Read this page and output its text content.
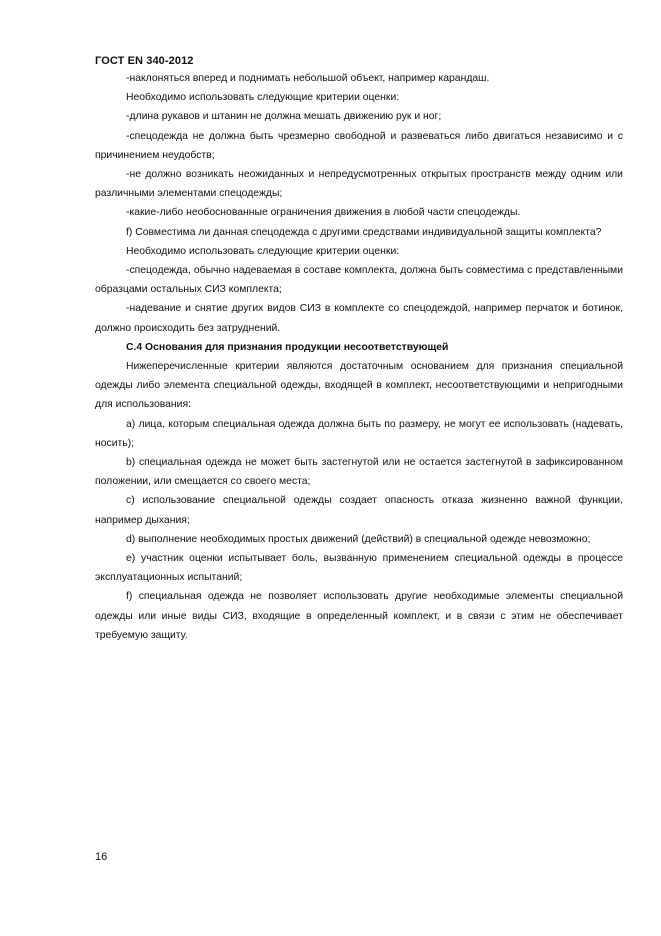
ГОСТ EN 340-2012

-наклоняться вперед и поднимать небольшой объект, например карандаш.

Необходимо использовать следующие критерии оценки:

-длина рукавов и штанин не должна мешать движению рук и ног;

-спецодежда не должна быть чрезмерно свободной и развеваться либо двигаться независимо и с причинением неудобств;

-не должно возникать неожиданных и непредусмотренных открытых пространств между одним или различными элементами спецодежды;

-какие-либо необоснованные ограничения движения в любой части спецодежды.

f) Совместима ли данная спецодежда с другими средствами индивидуальной защиты комплекта?

Необходимо использовать следующие критерии оценки:

-спецодежда, обычно надеваемая в составе комплекта, должна быть совместима с представленными образцами остальных СИЗ комплекта;

-надевание и снятие других видов СИЗ в комплекте со спецодеждой, например перчаток и ботинок, должно происходить без затруднений.

С.4 Основания для признания продукции несоответствующей

Нижеперечисленные критерии являются достаточным основанием для признания специальной одежды либо элемента специальной одежды, входящей в комплект, несоответствующими и непригодными для использования:

а) лица, которым специальная одежда должна быть по размеру, не могут ее использовать (надевать, носить);

b) специальная одежда не может быть застегнутой или не остается застегнутой в зафиксированном положении, или смещается со своего места;

с) использование специальной одежды создает опасность отказа жизненно важной функции, например дыхания;

d) выполнение необходимых простых движений (действий) в специальной одежде невозможно;

е) участник оценки испытывает боль, вызванную применением специальной одежды в процессе эксплуатационных испытаний;

f) специальная одежда не позволяет использовать другие необходимые элементы специальной одежды или иные виды СИЗ, входящие в определенный комплект, и в связи с этим не обеспечивает требуемую защиту.

16
